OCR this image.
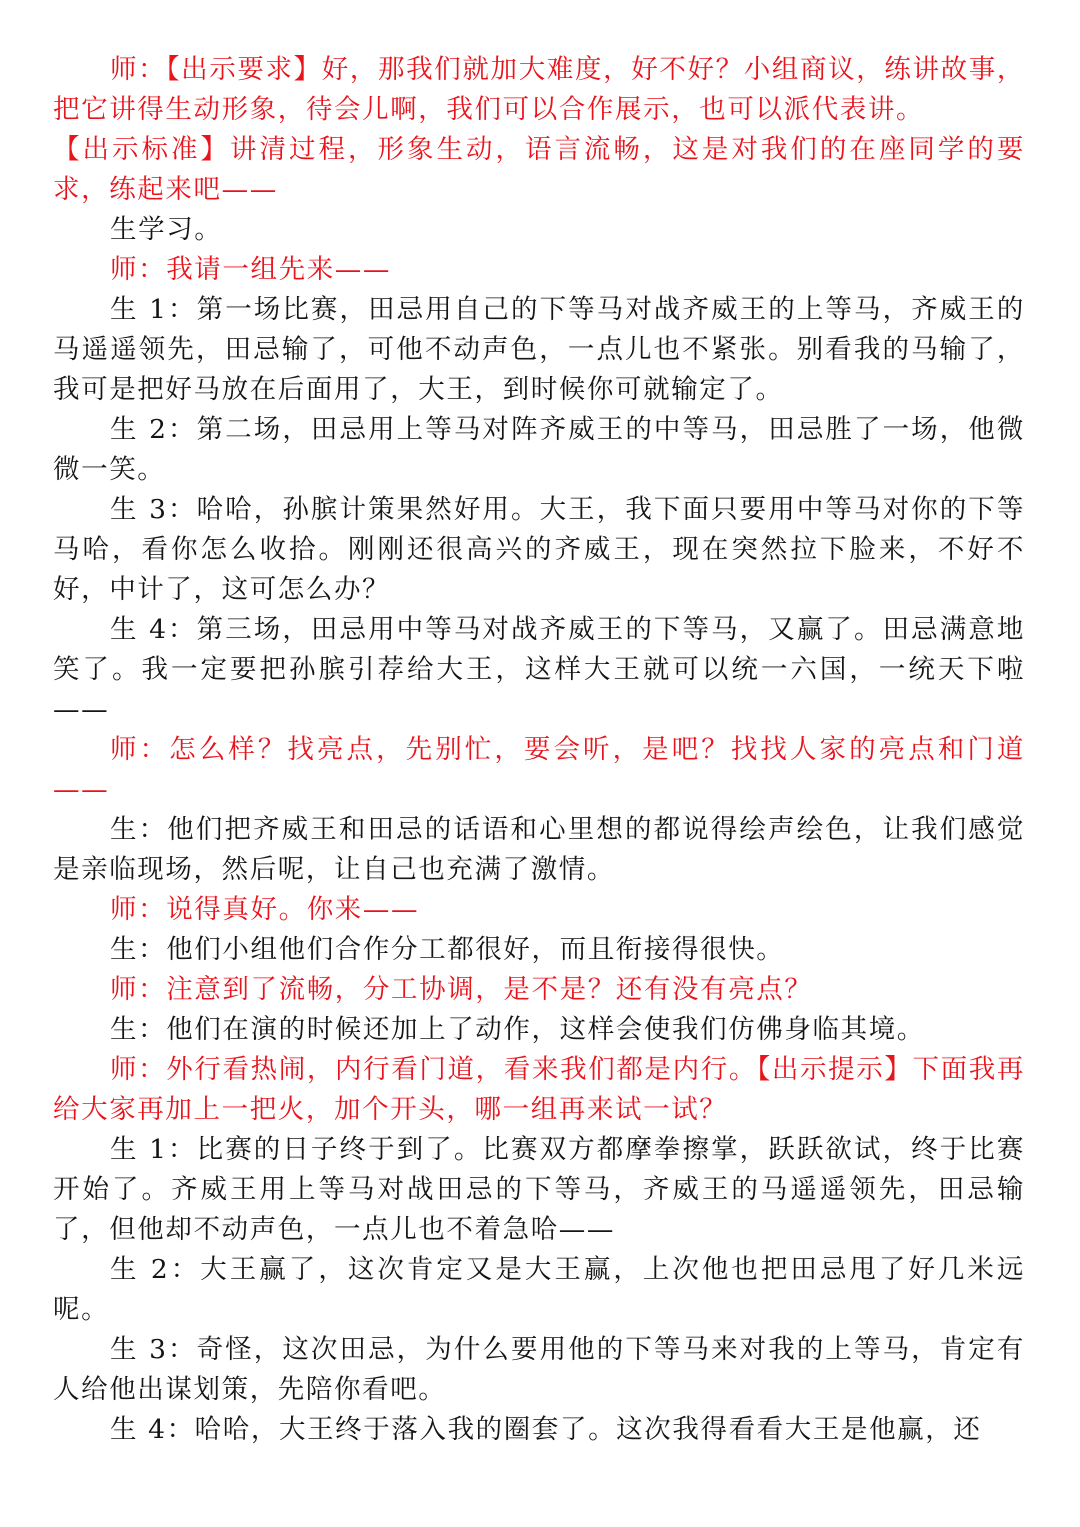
师：【出示要求】好，那我们就加大难度，好不好？小组商议，练讲故事，把它讲得生动形象，待会儿啊，我们可以合作展示，也可以派代表讲。

【出示标准】讲清过程，形象生动，语言流畅，这是对我们的在座同学的要求，练起来吧——

生学习。

师：我请一组先来——

生 1：第一场比赛，田忌用自己的下等马对战齐威王的上等马，齐威王的马遥遥领先，田忌输了，可他不动声色，一点儿也不紧张。别看我的马输了，我可是把好马放在后面用了，大王，到时候你可就输定了。

生 2：第二场，田忌用上等马对阵齐威王的中等马，田忌胜了一场，他微微一笑。

生 3：哈哈，孙膑计策果然好用。大王，我下面只要用中等马对你的下等马哈，看你怎么收拾。刚刚还很高兴的齐威王，现在突然拉下脸来，不好不好，中计了，这可怎么办？

生 4：第三场，田忌用中等马对战齐威王的下等马，又赢了。田忌满意地笑了。我一定要把孙膑引荐给大王，这样大王就可以统一六国，一统天下啦——

师：怎么样？找亮点，先别忙，要会听，是吧？找找人家的亮点和门道——

生：他们把齐威王和田忌的话语和心里想的都说得绘声绘色，让我们感觉是亲临现场，然后呢，让自己也充满了激情。

师：说得真好。你来——

生：他们小组他们合作分工都很好，而且衔接得很快。

师：注意到了流畅，分工协调，是不是？还有没有亮点？

生：他们在演的时候还加上了动作，这样会使我们仿佛身临其境。

师：外行看热闹，内行看门道，看来我们都是内行。【出示提示】下面我再给大家再加上一把火，加个开头，哪一组再来试一试？

生 1：比赛的日子终于到了。比赛双方都摩拳擦掌，跃跃欲试，终于比赛开始了。齐威王用上等马对战田忌的下等马，齐威王的马遥遥领先，田忌输了，但他却不动声色，一点儿也不着急哈——

生 2：大王赢了，这次肯定又是大王赢，上次他也把田忌甩了好几米远呢。

生 3：奇怪，这次田忌，为什么要用他的下等马来对我的上等马，肯定有人给他出谋划策，先陪你看吧。

生 4：哈哈，大王终于落入我的圈套了。这次我得看看大王是他赢，还
